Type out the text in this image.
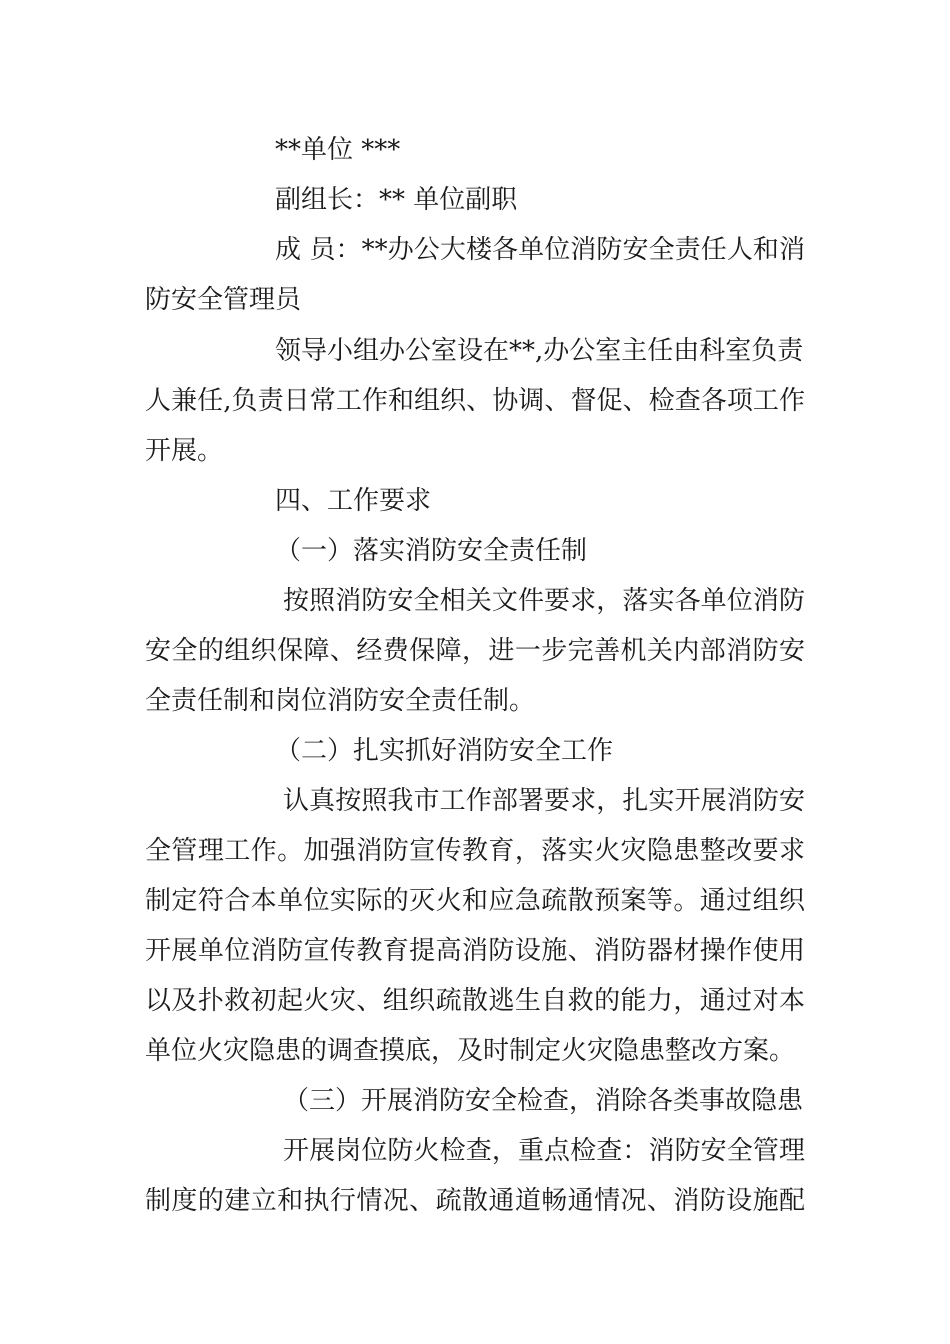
**单位 ***
副组长：** 单位副职
成 员：**办公大楼各单位消防安全责任人和消
防安全管理员
领导小组办公室设在**,办公室主任由科室负责
人兼任,负责日常工作和组织、协调、督促、检查各项工作
开展。
四、工作要求
（一）落实消防安全责任制
按照消防安全相关文件要求，落实各单位消防
安全的组织保障、经费保障，进一步完善机关内部消防安
全责任制和岗位消防安全责任制。
（二）扎实抓好消防安全工作
认真按照我市工作部署要求，扎实开展消防安
全管理工作。加强消防宣传教育，落实火灾隐患整改要求
制定符合本单位实际的灭火和应急疏散预案等。通过组织
开展单位消防宣传教育提高消防设施、消防器材操作使用
以及扑救初起火灾、组织疏散逃生自救的能力，通过对本
单位火灾隐患的调查摸底，及时制定火灾隐患整改方案。
（三）开展消防安全检查，消除各类事故隐患
开展岗位防火检查，重点检查：消防安全管理
制度的建立和执行情况、疏散通道畅通情况、消防设施配
